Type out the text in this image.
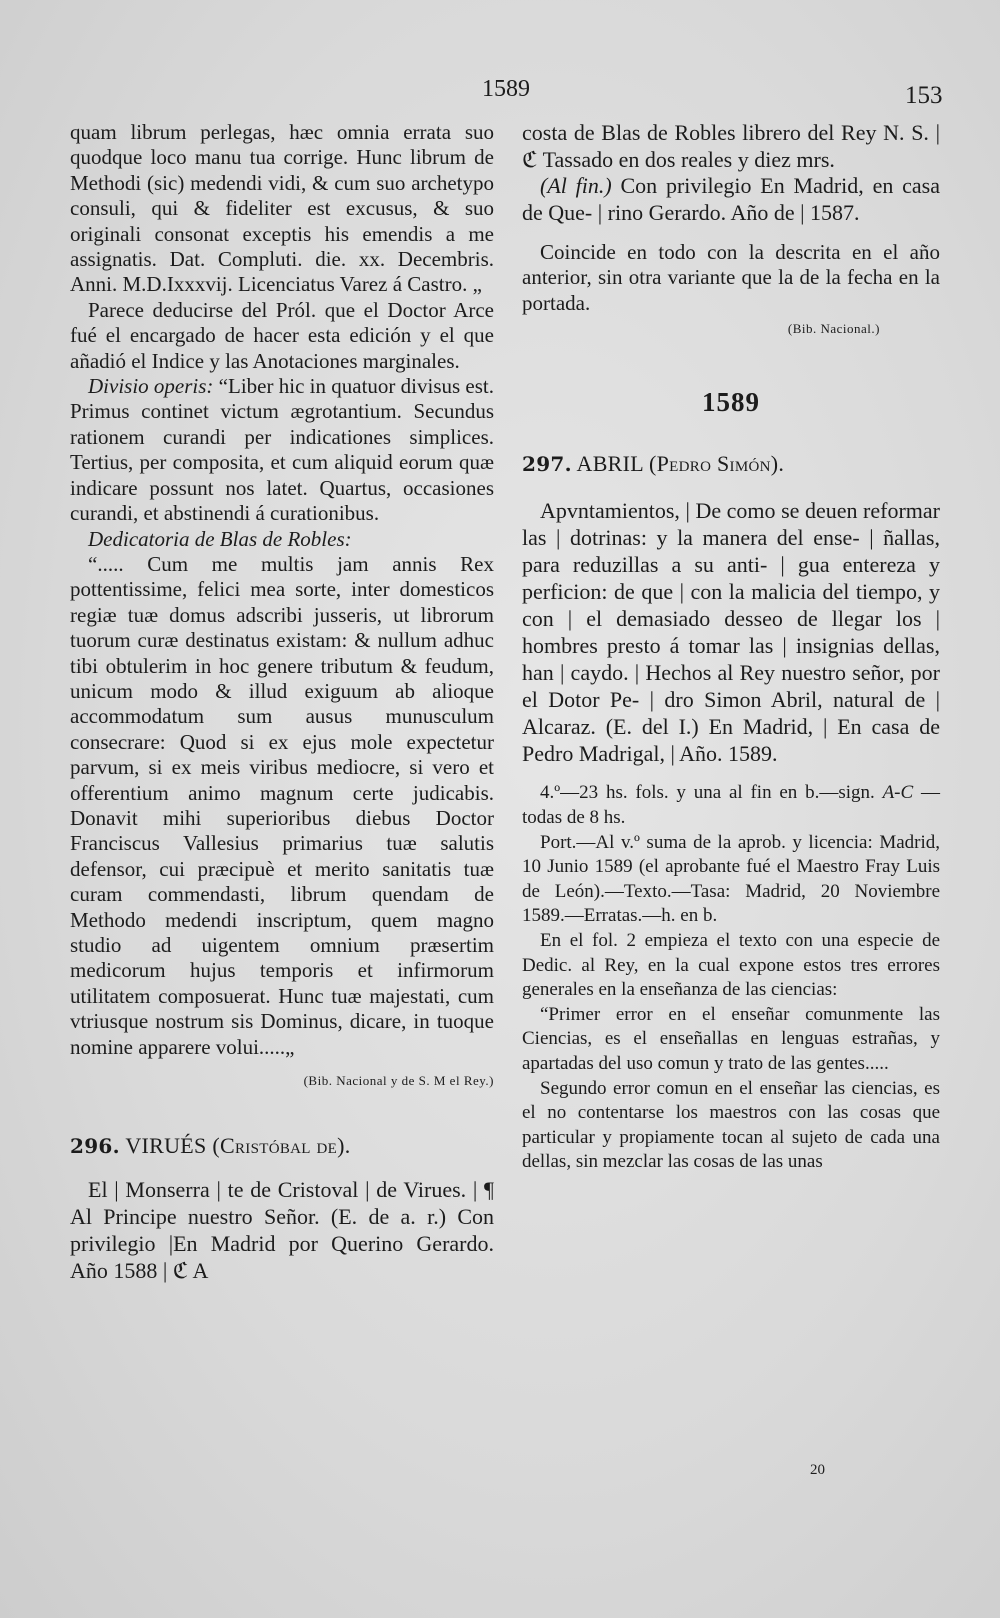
1589	153

quam librum perlegas, hæc omnia errata suo quodque loco manu tua corrige. Hunc librum de Methodi (sic) medendi vidi, & cum suo archetypo consuli, qui & fideliter est excusus, & suo originali consonat exceptis his emendis a me assignatis. Dat. Compluti. die. xx. Decembris. Anni. M.D.Ixxxvij. Licenciatus Varez á Castro. „

Parece deducirse del Pról. que el Doctor Arce fué el encargado de hacer esta edición y el que añadió el Indice y las Anotaciones marginales.

Divisio operis: “Liber hic in quatuor divisus est. Primus continet victum ægrotantium. Secundus rationem curandi per indicationes simplices. Tertius, per composita, et cum aliquid eorum quæ indicare possunt nos latet. Quartus, occasiones curandi, et abstinendi á curationibus.

Dedicatoria de Blas de Robles:

“..... Cum me multis jam annis Rex pottentissime, felici mea sorte, inter domesticos regiæ tuæ domus adscribi jusseris, ut librorum tuorum curæ destinatus existam: & nullum adhuc tibi obtulerim in hoc genere tributum & feudum, unicum modo & illud exiguum ab alioque accommodatum sum ausus munusculum consecrare: Quod si ex ejus mole expectetur parvum, si ex meis viribus mediocre, si vero et offerentium animo magnum certe judicabis. Donavit mihi superioribus diebus Doctor Franciscus Vallesius primarius tuæ salutis defensor, cui præcipuè et merito sanitatis tuæ curam commendasti, librum quendam de Methodo medendi inscriptum, quem magno studio ad uigentem omnium præsertim medicorum hujus temporis et infirmorum utilitatem composuerat. Hunc tuæ majestati, cum vtriusque nostrum sis Dominus, dicare, in tuoque nomine apparere volui.....„

(Bib. Nacional y de S. M el Rey.)

296. VIRUÉS (Cristóbal de).

El | Monserra | te de Cristoval | de Virues. | ¶ Al Principe nuestro Señor. (E. de a. r.) Con privilegio |En Madrid por Querino Gerardo. Año 1588 | ℭ A

costa de Blas de Robles librero del Rey N. S. | ℭ Tassado en dos reales y diez mrs.

(Al fin.) Con privilegio En Madrid, en casa de Que- | rino Gerardo. Año de | 1587.

Coincide en todo con la descrita en el año anterior, sin otra variante que la de la fecha en la portada.

(Bib. Nacional.)

1589

297. ABRIL (Pedro Simón).

Apvntamientos, | De como se deuen reformar las | dotrinas: y la manera del ense- | ñallas, para reduzillas a su anti- | gua entereza y perficion: de que | con la malicia del tiempo, y con | el demasiado desseo de llegar los | hombres presto á tomar las | insignias dellas, han | caydo. | Hechos al Rey nuestro señor, por el Dotor Pe- | dro Simon Abril, natural de | Alcaraz. (E. del I.) En Madrid, | En casa de Pedro Madrigal, | Año. 1589.

4.º—23 hs. fols. y una al fin en b.—sign. A-C —todas de 8 hs.

Port.—Al v.º suma de la aprob. y licencia: Madrid, 10 Junio 1589 (el aprobante fué el Maestro Fray Luis de León).—Texto.—Tasa: Madrid, 20 Noviembre 1589.—Erratas.—h. en b.

En el fol. 2 empieza el texto con una especie de Dedic. al Rey, en la cual expone estos tres errores generales en la enseñanza de las ciencias:

“Primer error en el enseñar comunmente las Ciencias, es el enseñallas en lenguas estrañas, y apartadas del uso comun y trato de las gentes.....

Segundo error comun en el enseñar las ciencias, es el no contentarse los maestros con las cosas que particular y propiamente tocan al sujeto de cada una dellas, sin mezclar las cosas de las unas

20
